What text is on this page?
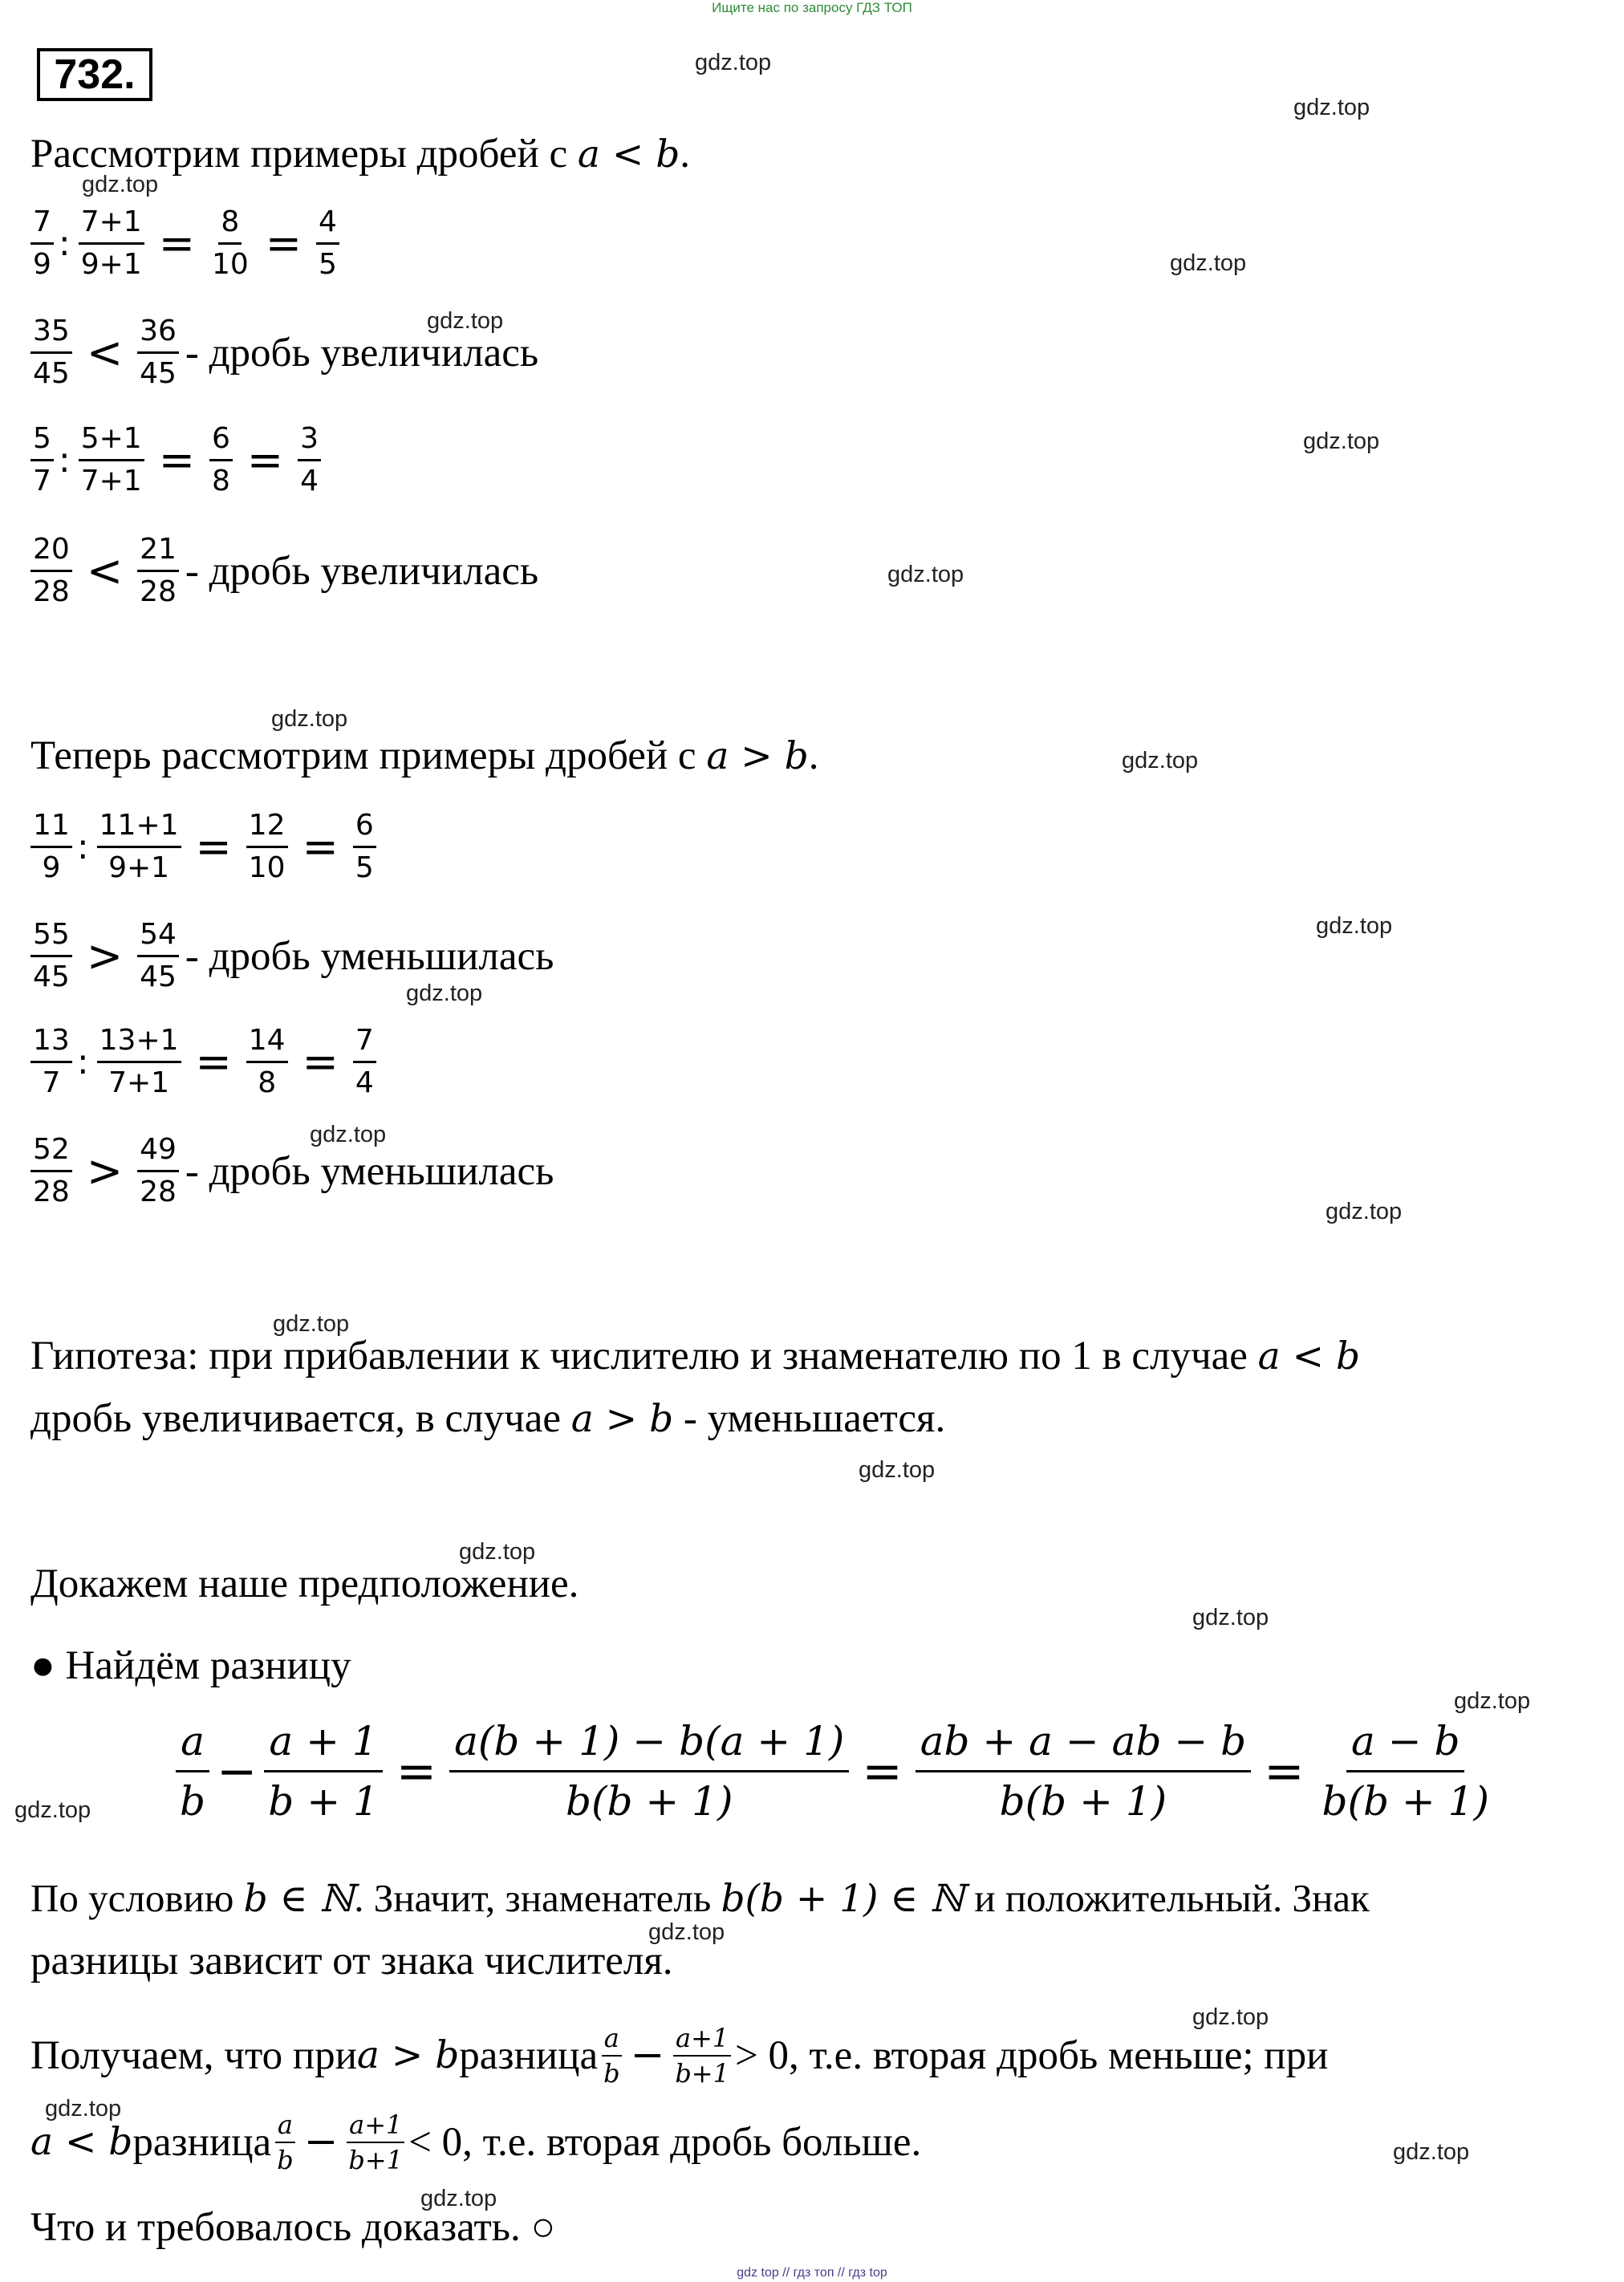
Ищите нас по запросу ГДЗ ТОП
gdz top // гдз топ // гдз top
732.	gdz.top
gdz.top
gdz.top
gdz.top
gdz.top
gdz.top
gdz.top
gdz.top
gdz.top
gdz.top
gdz.top
gdz.top
gdz.top
gdz.top
gdz.top
gdz.top
gdz.top
gdz.top
gdz.top
gdz.top
gdz.top
gdz.top
gdz.top
gdz.top
Рассмотрим примеры дробей с a < b.
$\frac{7}{9}$ : $\frac{7+1}{9+1} = \frac{8}{10} = \frac{4}{5}$
$\frac{35}{45} < \frac{36}{45}$ - дробь увеличилась
$\frac{5}{7}$ : $\frac{5+1}{7+1} = \frac{6}{8} = \frac{3}{4}$
$\frac{20}{28} < \frac{21}{28}$ - дробь увеличилась
Теперь рассмотрим примеры дробей с a > b.
$\frac{11}{9}$ : $\frac{11+1}{9+1} = \frac{12}{10} = \frac{6}{5}$
$\frac{55}{45} > \frac{54}{45}$ - дробь уменьшилась
$\frac{13}{7}$ : $\frac{13+1}{7+1} = \frac{14}{8} = \frac{7}{4}$
$\frac{52}{28} > \frac{49}{28}$ - дробь уменьшилась
Гипотеза: при прибавлении к числителю и знаменателю по 1 в случае a < b
дробь увеличивается, в случае a > b - уменьшается.
Докажем наше предположение.
● Найдём разницу
a
b
− $\frac{a + 1}{b + 1} = \frac{a(b + 1) - b(a + 1)}{b(b + 1)} = \frac{ab + a - ab - b}{b(b + 1)} = \frac{a - b}{b(b + 1)}$
По условию b ∈ ℕ. Значит, знаменатель b(b + 1) ∈ ℕ и положительный. Знак
разницы зависит от знака числителя.
Получаем, что при a > b разница a
$b - \frac{a+1}{b+1} > 0$, т.е. вторая дробь меньше; при
a < b разница a
$b - \frac{a+1}{b+1} < 0$, т.е. вторая дробь больше.
Что и требовалось доказать. ○
